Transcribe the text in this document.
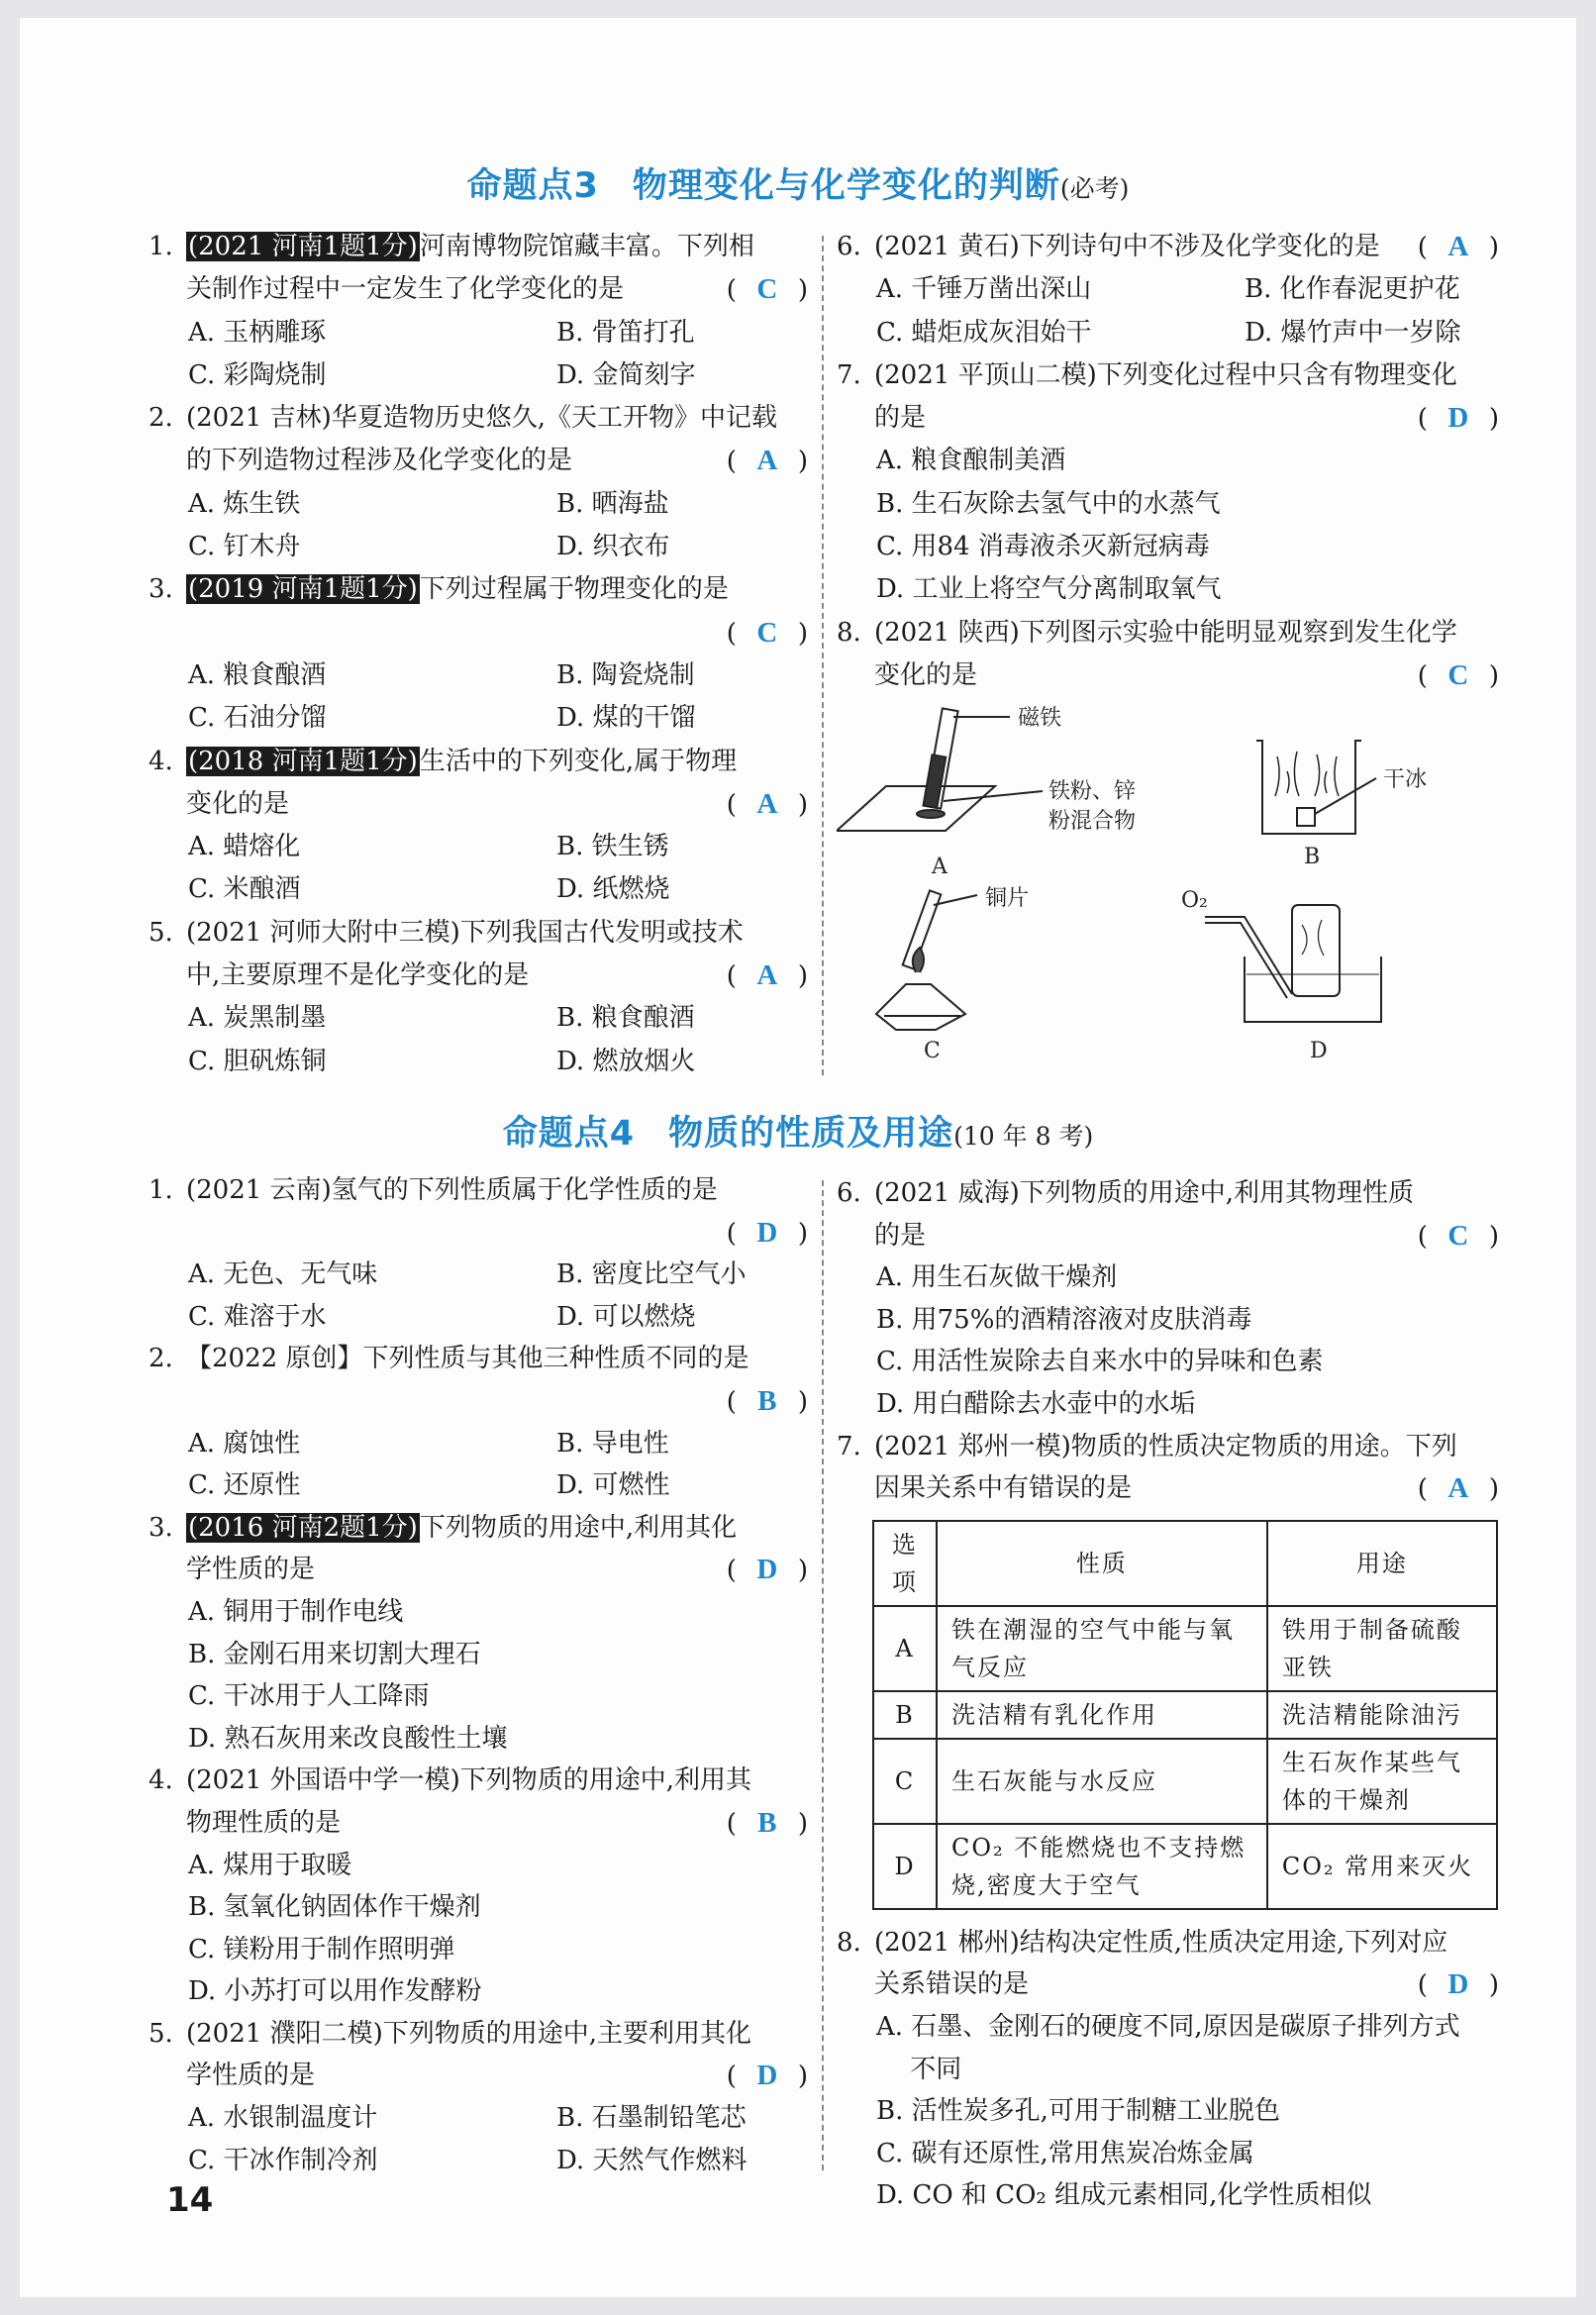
命题点3 物理变化与化学变化的判断(必考)
1. (2021 河南1题1分)河南博物院馆藏丰富。下列相
关制作过程中一定发生了化学变化的是	( C )
A. 玉柄雕琢	B. 骨笛打孔
C. 彩陶烧制	D. 金简刻字
2. (2021 吉林)华夏造物历史悠久,《天工开物》中记载
的下列造物过程涉及化学变化的是	( A )
A. 炼生铁	B. 晒海盐
C. 钉木舟	D. 织衣布
3. (2019 河南1题1分)下列过程属于物理变化的是
( C )
A. 粮食酿酒	B. 陶瓷烧制
C. 石油分馏	D. 煤的干馏
4. (2018 河南1题1分)生活中的下列变化,属于物理
变化的是	( A )
A. 蜡熔化	B. 铁生锈
C. 米酿酒	D. 纸燃烧
5. (2021 河师大附中三模)下列我国古代发明或技术
中,主要原理不是化学变化的是	( A )
A. 炭黑制墨	B. 粮食酿酒
C. 胆矾炼铜	D. 燃放烟火
6. (2021 黄石)下列诗句中不涉及化学变化的是 ( A )
A. 千锤万凿出深山	B. 化作春泥更护花
C. 蜡炬成灰泪始干	D. 爆竹声中一岁除
7. (2021 平顶山二模)下列变化过程中只含有物理变化
的是	( D )
A. 粮食酿制美酒
B. 生石灰除去氢气中的水蒸气
C. 用84 消毒液杀灭新冠病毒
D. 工业上将空气分离制取氧气
8. (2021 陕西)下列图示实验中能明显观察到发生化学
变化的是	( C )
磁铁
铁粉、锌
粉混合物
A
干冰
B
铜片
C
O₂
D
命题点4 物质的性质及用途(10 年 8 考)
1. (2021 云南)氢气的下列性质属于化学性质的是
( D )
A. 无色、无气味	B. 密度比空气小
C. 难溶于水	D. 可以燃烧
2. 【2022 原创】下列性质与其他三种性质不同的是
( B )
A. 腐蚀性	B. 导电性
C. 还原性	D. 可燃性
3. (2016 河南2题1分)下列物质的用途中,利用其化
学性质的是	( D )
A. 铜用于制作电线
B. 金刚石用来切割大理石
C. 干冰用于人工降雨
D. 熟石灰用来改良酸性土壤
4. (2021 外国语中学一模)下列物质的用途中,利用其
物理性质的是	( B )
A. 煤用于取暖
B. 氢氧化钠固体作干燥剂
C. 镁粉用于制作照明弹
D. 小苏打可以用作发酵粉
5. (2021 濮阳二模)下列物质的用途中,主要利用其化
学性质的是	( D )
A. 水银制温度计	B. 石墨制铅笔芯
C. 干冰作制冷剂	D. 天然气作燃料
6. (2021 威海)下列物质的用途中,利用其物理性质
的是	( C )
A. 用生石灰做干燥剂
B. 用75%的酒精溶液对皮肤消毒
C. 用活性炭除去自来水中的异味和色素
D. 用白醋除去水壶中的水垢
7. (2021 郑州一模)物质的性质决定物质的用途。下列
因果关系中有错误的是	( A )
选项	性质	用途
A	铁在潮湿的空气中能与氧气反应	铁用于制备硫酸亚铁
B	洗洁精有乳化作用	洗洁精能除油污
C	生石灰能与水反应	生石灰作某些气体的干燥剂
D	CO₂ 不能燃烧也不支持燃烧,密度大于空气	CO₂ 常用来灭火
8. (2021 郴州)结构决定性质,性质决定用途,下列对应
关系错误的是	( D )
A. 石墨、金刚石的硬度不同,原因是碳原子排列方式
　 不同
B. 活性炭多孔,可用于制糖工业脱色
C. 碳有还原性,常用焦炭冶炼金属
D. CO 和 CO₂ 组成元素相同,化学性质相似
14
